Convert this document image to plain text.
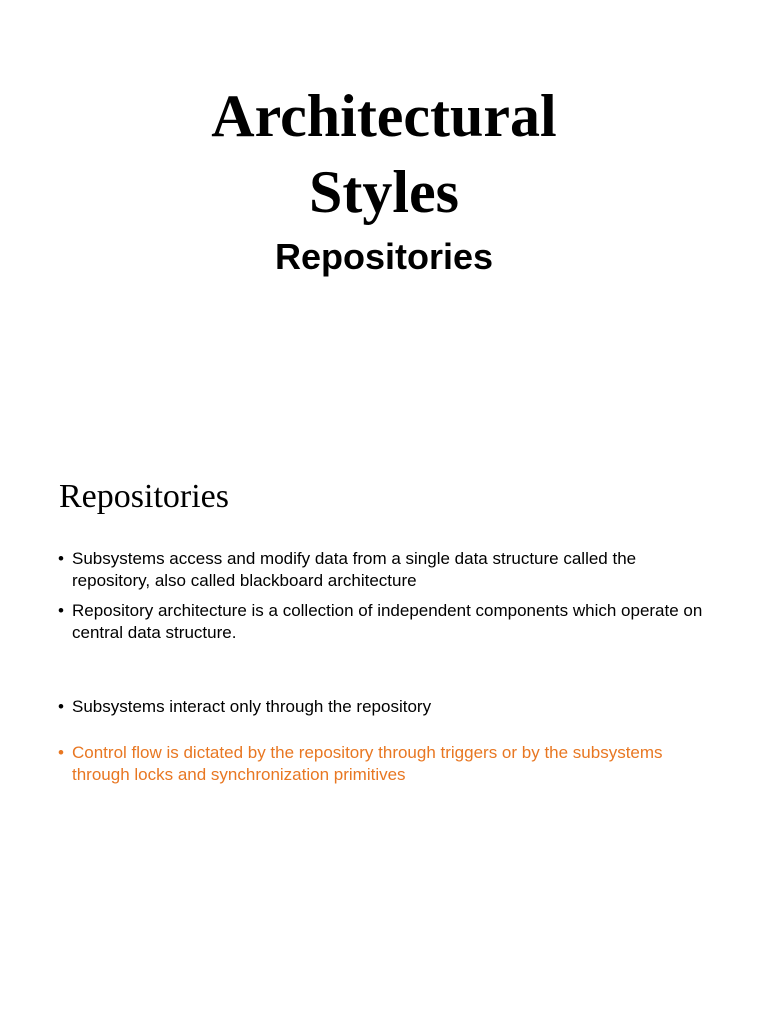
Architectural
Styles
Repositories
Repositories
• Subsystems access and modify data from a single data structure called the repository, also called blackboard architecture
• Repository architecture is a collection of independent components which operate on central data structure.
• Subsystems interact only through the repository
• Control flow is dictated by the repository through triggers or by the subsystems through locks and synchronization primitives
